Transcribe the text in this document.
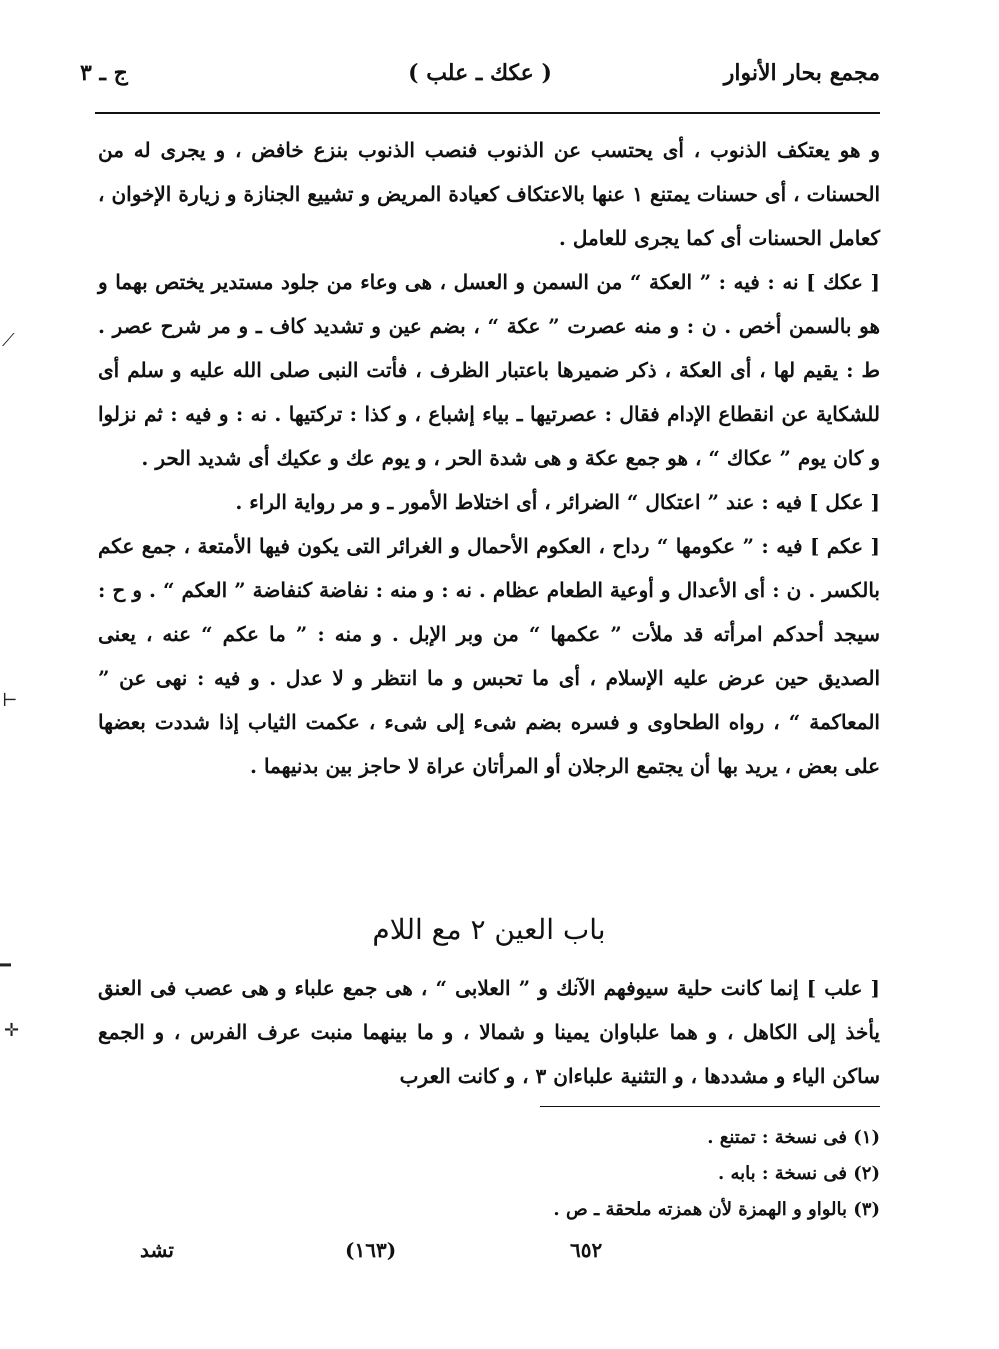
مجمع بحار الأنوار
( عكك ـ علب )
ج ـ ٣

و هو يعتكف الذنوب ، أى يحتسب عن الذنوب فنصب الذنوب بنزع خافض ، و يجرى له من الحسنات ، أى حسنات يمتنع ١ عنها بالاعتكاف كعيادة المريض و تشييع الجنازة و زيارة الإخوان ، كعامل الحسنات أى كما يجرى للعامل .

[ عكك ] نه : فيه : ” العكة “ من السمن و العسل ، هى وعاء من جلود مستدير يختص بهما و هو بالسمن أخص . ن : و منه عصرت ” عكة “ ، بضم عين و تشديد كاف ـ و مر شرح عصر . ط : يقيم لها ، أى العكة ، ذكر ضميرها باعتبار الظرف ، فأتت النبى صلى الله عليه و سلم أى للشكاية عن انقطاع الإدام فقال : عصرتيها ـ بياء إشباع ، و كذا : تركتيها . نه : و فيه : ثم نزلوا و كان يوم ” عكاك “ ، هو جمع عكة و هى شدة الحر ، و يوم عك و عكيك أى شديد الحر .

[ عكل ] فيه : عند ” اعتكال “ الضرائر ، أى اختلاط الأمور ـ و مر رواية الراء .

[ عكم ] فيه : ” عكومها “ رداح ، العكوم الأحمال و الغرائر التى يكون فيها الأمتعة ، جمع عكم بالكسر . ن : أى الأعدال و أوعية الطعام عظام . نه : و منه : نفاضة كنفاضة ” العكم “ . و ح : سيجد أحدكم امرأته قد ملأت ” عكمها “ من وبر الإبل . و منه : ” ما عكم “ عنه ، يعنى الصديق حين عرض عليه الإسلام ، أى ما تحبس و ما انتظر و لا عدل . و فيه : نهى عن ” المعاكمة “ ، رواه الطحاوى و فسره بضم شىء إلى شىء ، عكمت الثياب إذا شددت بعضها على بعض ، يريد بها أن يجتمع الرجلان أو المرأتان عراة لا حاجز بين بدنيهما .

باب العين ٢ مع اللام

[ علب ] إنما كانت حلية سيوفهم الآنك و ” العلابى “ ، هى جمع علباء و هى عصب فى العنق يأخذ إلى الكاهل ، و هما علباوان يمينا و شمالا ، و ما بينهما منبت عرف الفرس ، و الجمع ساكن الياء و مشددها ، و التثنية علباءان ٣ ، و كانت العرب

(١) فى نسخة : تمتنع .
(٢) فى نسخة : بابه .
(٣) بالواو و الهمزة لأن همزته ملحقة ـ ص .
٦٥٢
(١٦٣)
تشد
⟋
⊢
━
✛
